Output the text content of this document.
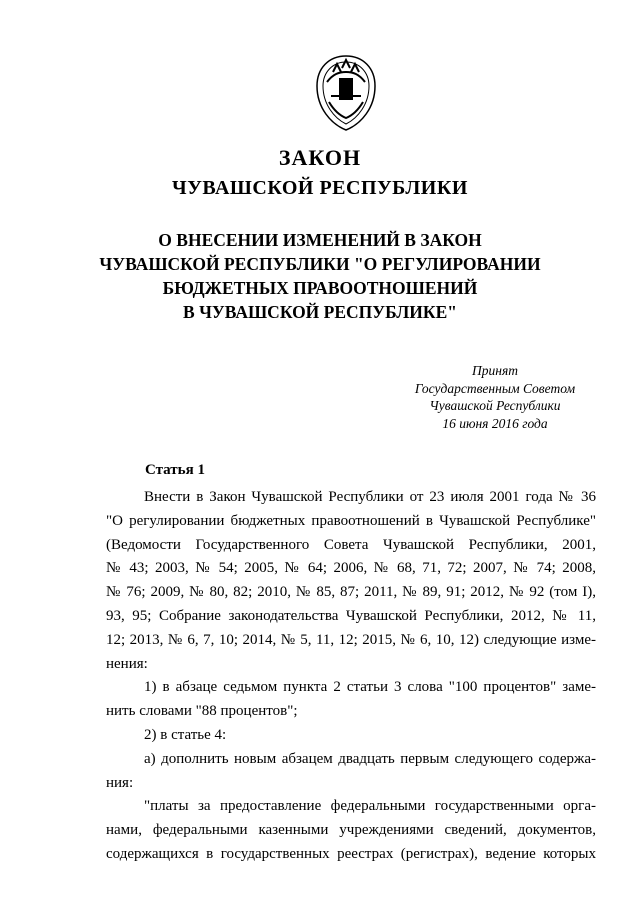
ЗАКОН
ЧУВАШСКОЙ РЕСПУБЛИКИ
О ВНЕСЕНИИ ИЗМЕНЕНИЙ В ЗАКОН
ЧУВАШСКОЙ РЕСПУБЛИКИ "О РЕГУЛИРОВАНИИ
БЮДЖЕТНЫХ ПРАВООТНОШЕНИЙ
В ЧУВАШСКОЙ РЕСПУБЛИКЕ"
Принят
Государственным Советом
Чувашской Республики
16 июня 2016 года
Статья 1
Внести в Закон Чувашской Республики от 23 июля 2001 года № 36
"О регулировании бюджетных правоотношений в Чувашской Республике"
(Ведомости Государственного Совета Чувашской Республики, 2001,
№ 43; 2003, № 54; 2005, № 64; 2006, № 68, 71, 72; 2007, № 74; 2008,
№ 76; 2009, № 80, 82; 2010, № 85, 87; 2011, № 89, 91; 2012, № 92 (том I),
93, 95; Собрание законодательства Чувашской Республики, 2012, № 11,
12; 2013, № 6, 7, 10; 2014, № 5, 11, 12; 2015, № 6, 10, 12) следующие изме-
нения:
1) в абзаце седьмом пункта 2 статьи 3 слова "100 процентов" заме-
нить словами "88 процентов";
2) в статье 4:
а) дополнить новым абзацем двадцать первым следующего содержа-
ния:
"платы за предоставление федеральными государственными орга-
нами, федеральными казенными учреждениями сведений, документов,
содержащихся в государственных реестрах (регистрах), ведение которых
